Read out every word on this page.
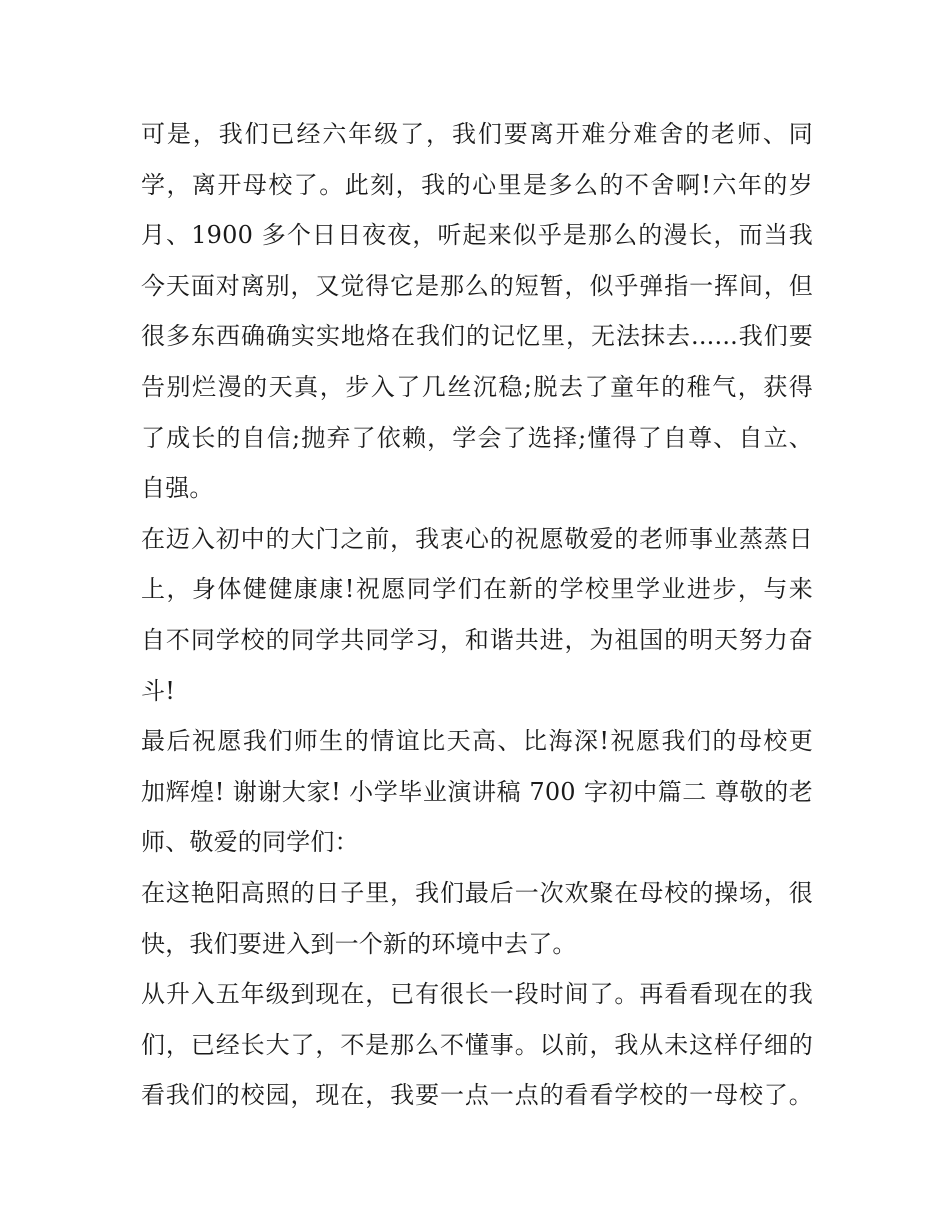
可是，我们已经六年级了，我们要离开难分难舍的老师、同
学，离开母校了。此刻，我的心里是多么的不舍啊!六年的岁
月、1900 多个日日夜夜，听起来似乎是那么的漫长，而当我
今天面对离别，又觉得它是那么的短暂，似乎弹指一挥间，但
很多东西确确实实地烙在我们的记忆里，无法抹去......我们要
告别烂漫的天真，步入了几丝沉稳;脱去了童年的稚气，获得
了成长的自信;抛弃了依赖，学会了选择;懂得了自尊、自立、
自强。
在迈入初中的大门之前，我衷心的祝愿敬爱的老师事业蒸蒸日
上，身体健健康康!祝愿同学们在新的学校里学业进步，与来
自不同学校的同学共同学习，和谐共进，为祖国的明天努力奋
斗!
最后祝愿我们师生的情谊比天高、比海深!祝愿我们的母校更
加辉煌! 谢谢大家! 小学毕业演讲稿 700 字初中篇二 尊敬的老
师、敬爱的同学们：
在这艳阳高照的日子里，我们最后一次欢聚在母校的操场，很
快，我们要进入到一个新的环境中去了。
从升入五年级到现在，已有很长一段时间了。再看看现在的我
们，已经长大了，不是那么不懂事。以前，我从未这样仔细的
看我们的校园，现在，我要一点一点的看看学校的一母校了。
